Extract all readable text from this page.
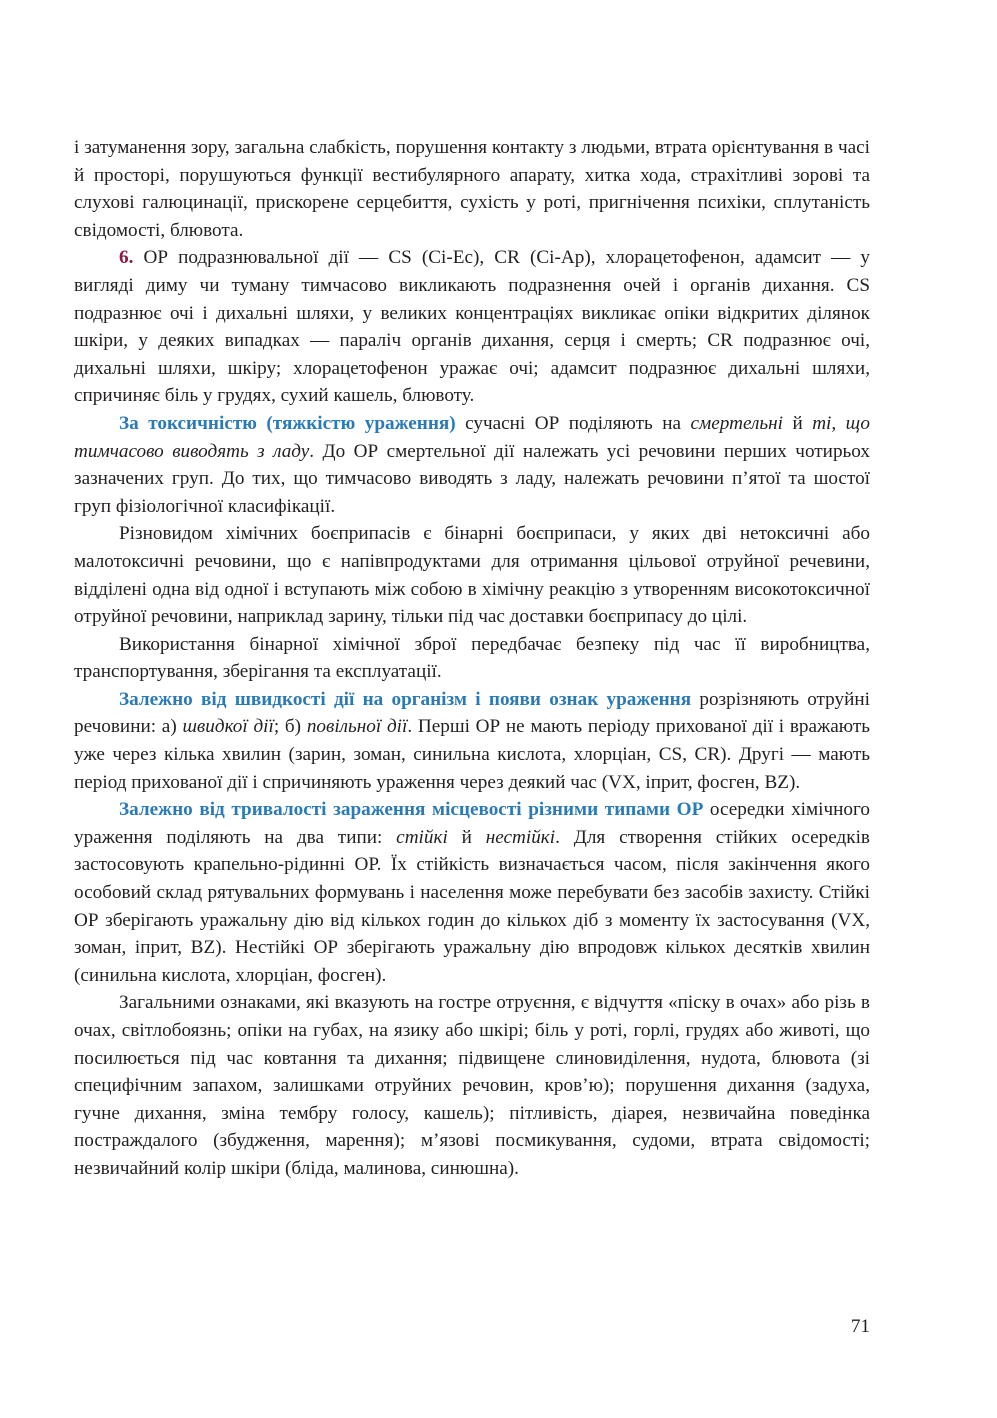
і затуманення зору, загальна слабкість, порушення контакту з людьми, втрата орієнтування в часі й просторі, порушуються функції вестибулярного апарату, хитка хода, страхітливі зорові та слухові галюцинації, прискорене серцебиття, сухість у роті, пригнічення психіки, сплутаність свідомості, блювота.

6. ОР подразнювальної дії — CS (Сі-Ес), CR (Сі-Ар), хлорацетофенон, адамсит — у вигляді диму чи туману тимчасово викликають подразнення очей і органів дихання. CS подразнює очі і дихальні шляхи, у великих концентраціях викликає опіки відкритих ділянок шкіри, у деяких випадках — параліч органів дихання, серця і смерть; CR подразнює очі, дихальні шляхи, шкіру; хлорацетофенон уражає очі; адамсит подразнює дихальні шляхи, спричиняє біль у грудях, сухий кашель, блювоту.

За токсичністю (тяжкістю ураження) сучасні ОР поділяють на смертельні й ті, що тимчасово виводять з ладу. До ОР смертельної дії належать усі речовини перших чотирьох зазначених груп. До тих, що тимчасово виводять з ладу, належать речовини п’ятої та шостої груп фізіологічної класифікації.

Різновидом хімічних боєприпасів є бінарні боєприпаси, у яких дві нетоксичні або малотоксичні речовини, що є напівпродуктами для отримання цільової отруйної речевини, відділені одна від одної і вступають між собою в хімічну реакцію з утворенням високотоксичної отруйної речовини, наприклад зарину, тільки під час доставки боєприпасу до цілі.

Використання бінарної хімічної зброї передбачає безпеку під час її виробництва, транспортування, зберігання та експлуатації.

Залежно від швидкості дії на організм і появи ознак ураження розрізняють отруйні речовини: а) швидкої дії; б) повільної дії. Перші ОР не мають періоду прихованої дії і вражають уже через кілька хвилин (зарин, зоман, синильна кислота, хлорціан, CS, CR). Другі — мають період прихованої дії і спричиняють ураження через деякий час (VX, іприт, фосген, BZ).

Залежно від тривалості зараження місцевості різними типами ОР осередки хімічного ураження поділяють на два типи: стійкі й нестійкі. Для створення стійких осередків застосовують крапельно-рідинні ОР. Їх стійкість визначається часом, після закінчення якого особовий склад рятувальних формувань і населення може перебувати без засобів захисту. Стійкі ОР зберігають уражальну дію від кількох годин до кількох діб з моменту їх застосування (VX, зоман, іприт, BZ). Нестійкі ОР зберігають уражальну дію впродовж кількох десятків хвилин (синильна кислота, хлорціан, фосген).

Загальними ознаками, які вказують на гостре отруєння, є відчуття «піску в очах» або різь в очах, світлобоязнь; опіки на губах, на язику або шкірі; біль у роті, горлі, грудях або животі, що посилюється під час ковтання та дихання; підвищене слиновиділення, нудота, блювота (зі специфічним запахом, залишками отруйних речовин, кров’ю); порушення дихання (задуха, гучне дихання, зміна тембру голосу, кашель); пітливість, діарея, незвичайна поведінка постраждалого (збудження, марення); м’язові посмикування, судоми, втрата свідомості; незвичайний колір шкіри (бліда, малинова, синюшна).

71
